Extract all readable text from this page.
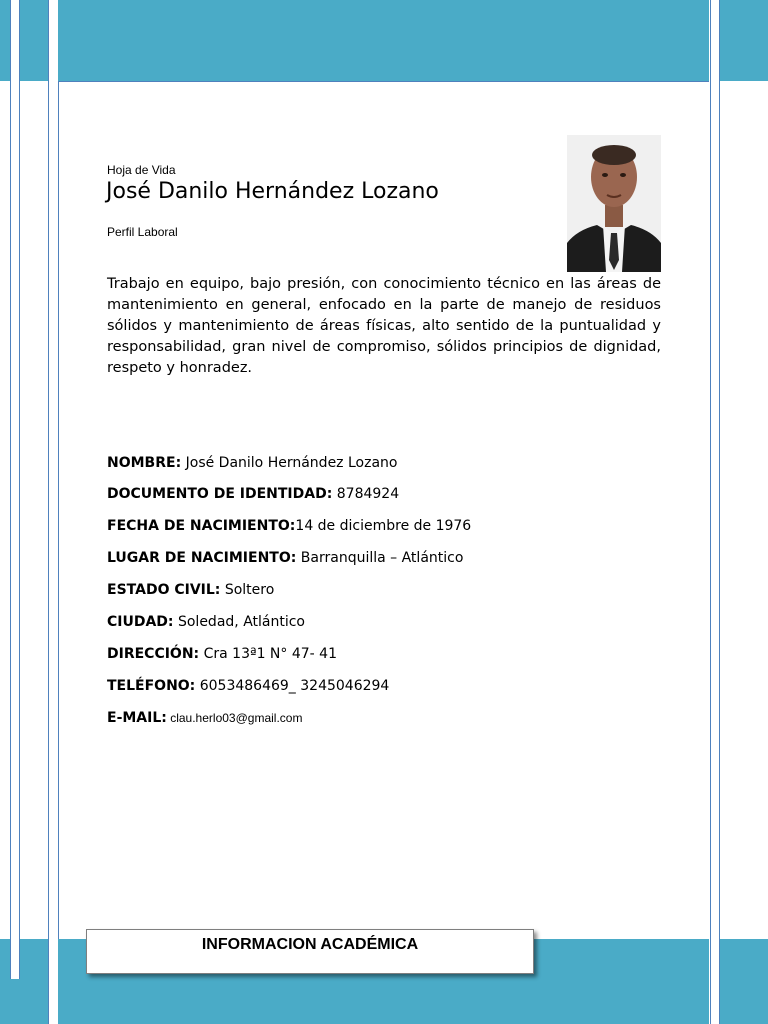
Hoja de Vida
José Danilo Hernández Lozano
Perfil Laboral

Trabajo en equipo, bajo presión, con conocimiento técnico en las áreas de mantenimiento en general, enfocado en la parte de manejo de residuos sólidos y mantenimiento de áreas físicas, alto sentido de la puntualidad y responsabilidad, gran nivel de compromiso, sólidos principios de dignidad, respeto y honradez.

NOMBRE: José Danilo Hernández Lozano
DOCUMENTO DE IDENTIDAD: 8784924
FECHA DE NACIMIENTO:14 de diciembre de 1976
LUGAR DE NACIMIENTO: Barranquilla – Atlántico
ESTADO CIVIL: Soltero
CIUDAD: Soledad, Atlántico
DIRECCIÓN: Cra 13ª1 N° 47- 41
TELÉFONO: 6053486469_ 3245046294
E-MAIL: clau.herlo03@gmail.com
INFORMACION ACADÉMICA
